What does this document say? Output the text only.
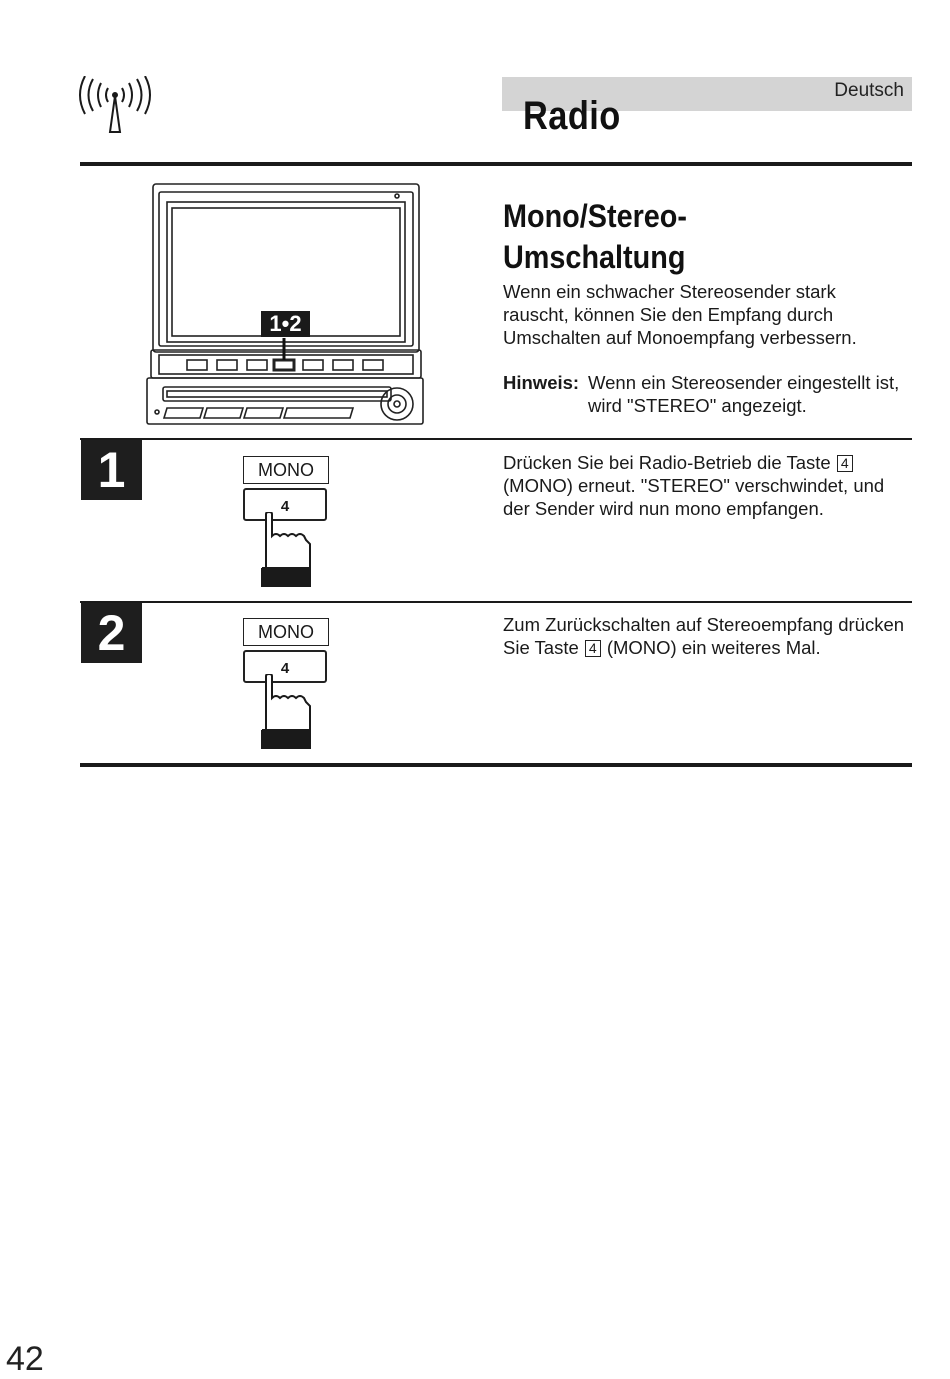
Deutsch
Radio
1•2
Mono/Stereo-
Umschaltung
Wenn ein schwacher Stereosender stark rauscht, können Sie den Empfang durch Umschalten auf Monoempfang verbessern.
Hinweis: Wenn ein Stereosender eingestellt ist, wird "STEREO" angezeigt.
1	MONO
4
Drücken Sie bei Radio-Betrieb die Taste 4 (MONO) erneut. "STEREO" verschwindet, und der Sender wird nun mono empfangen.
2	MONO
4
Zum Zurückschalten auf Stereoempfang drücken Sie Taste 4 (MONO) ein weiteres Mal.
42
